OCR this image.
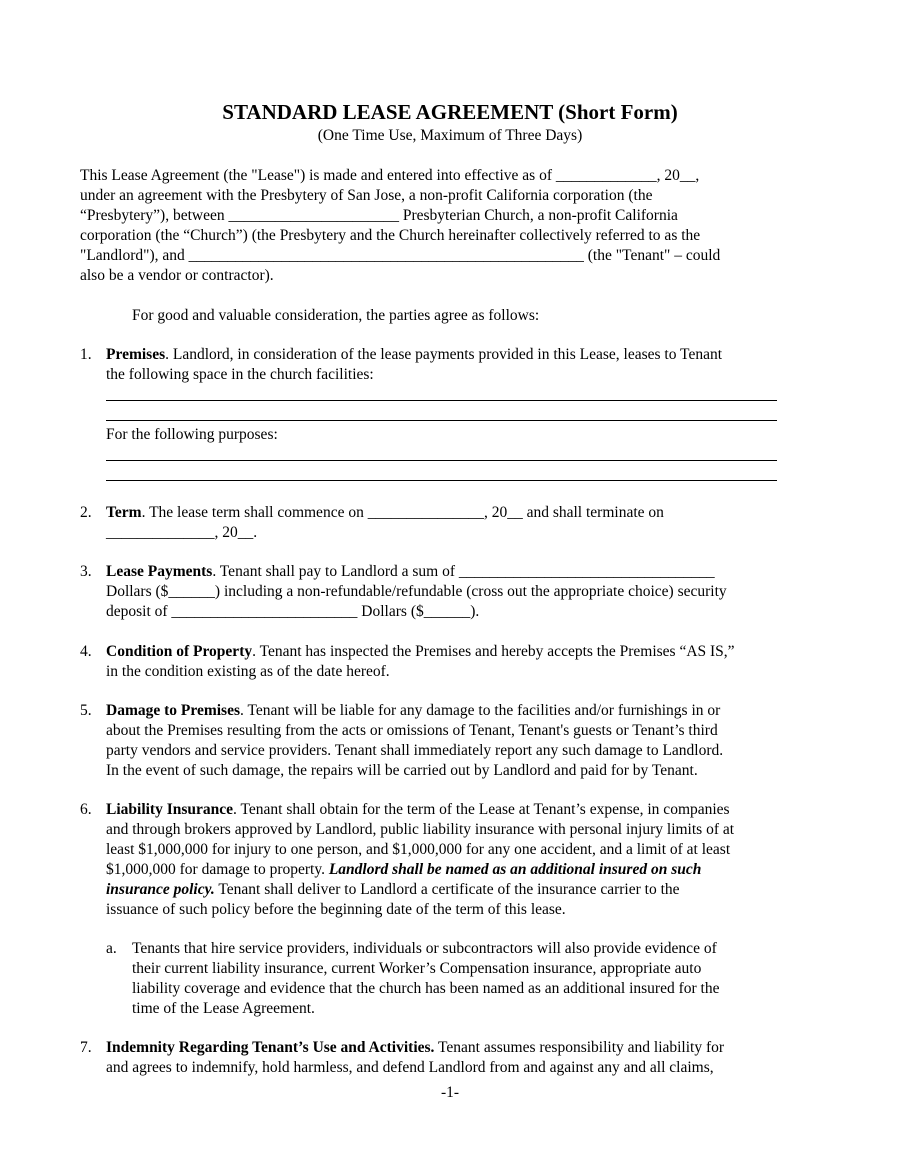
STANDARD LEASE AGREEMENT (Short Form)
(One Time Use, Maximum of Three Days)
This Lease Agreement (the "Lease") is made and entered into effective as of _____________, 20__,
under an agreement with the Presbytery of San Jose, a non-profit California corporation (the
“Presbytery”), between ______________________ Presbyterian Church, a non-profit California
corporation (the “Church”) (the Presbytery and the Church hereinafter collectively referred to as the
"Landlord"), and ___________________________________________________ (the "Tenant" – could
also be a vendor or contractor).
For good and valuable consideration, the parties agree as follows:
1. Premises. Landlord, in consideration of the lease payments provided in this Lease, leases to Tenant
the following space in the church facilities:
For the following purposes:
2. Term. The lease term shall commence on _______________, 20__ and shall terminate on
______________, 20__.
3. Lease Payments. Tenant shall pay to Landlord a sum of _________________________________
Dollars ($______) including a non-refundable/refundable (cross out the appropriate choice) security
deposit of ________________________ Dollars ($______).
4. Condition of Property. Tenant has inspected the Premises and hereby accepts the Premises “AS IS,”
in the condition existing as of the date hereof.
5. Damage to Premises. Tenant will be liable for any damage to the facilities and/or furnishings in or
about the Premises resulting from the acts or omissions of Tenant, Tenant's guests or Tenant’s third
party vendors and service providers. Tenant shall immediately report any such damage to Landlord.
In the event of such damage, the repairs will be carried out by Landlord and paid for by Tenant.
6. Liability Insurance. Tenant shall obtain for the term of the Lease at Tenant’s expense, in companies
and through brokers approved by Landlord, public liability insurance with personal injury limits of at
least $1,000,000 for injury to one person, and $1,000,000 for any one accident, and a limit of at least
$1,000,000 for damage to property. Landlord shall be named as an additional insured on such
insurance policy. Tenant shall deliver to Landlord a certificate of the insurance carrier to the
issuance of such policy before the beginning date of the term of this lease.
a. Tenants that hire service providers, individuals or subcontractors will also provide evidence of
their current liability insurance, current Worker’s Compensation insurance, appropriate auto
liability coverage and evidence that the church has been named as an additional insured for the
time of the Lease Agreement.
7. Indemnity Regarding Tenant’s Use and Activities. Tenant assumes responsibility and liability for
and agrees to indemnify, hold harmless, and defend Landlord from and against any and all claims,
-1-
